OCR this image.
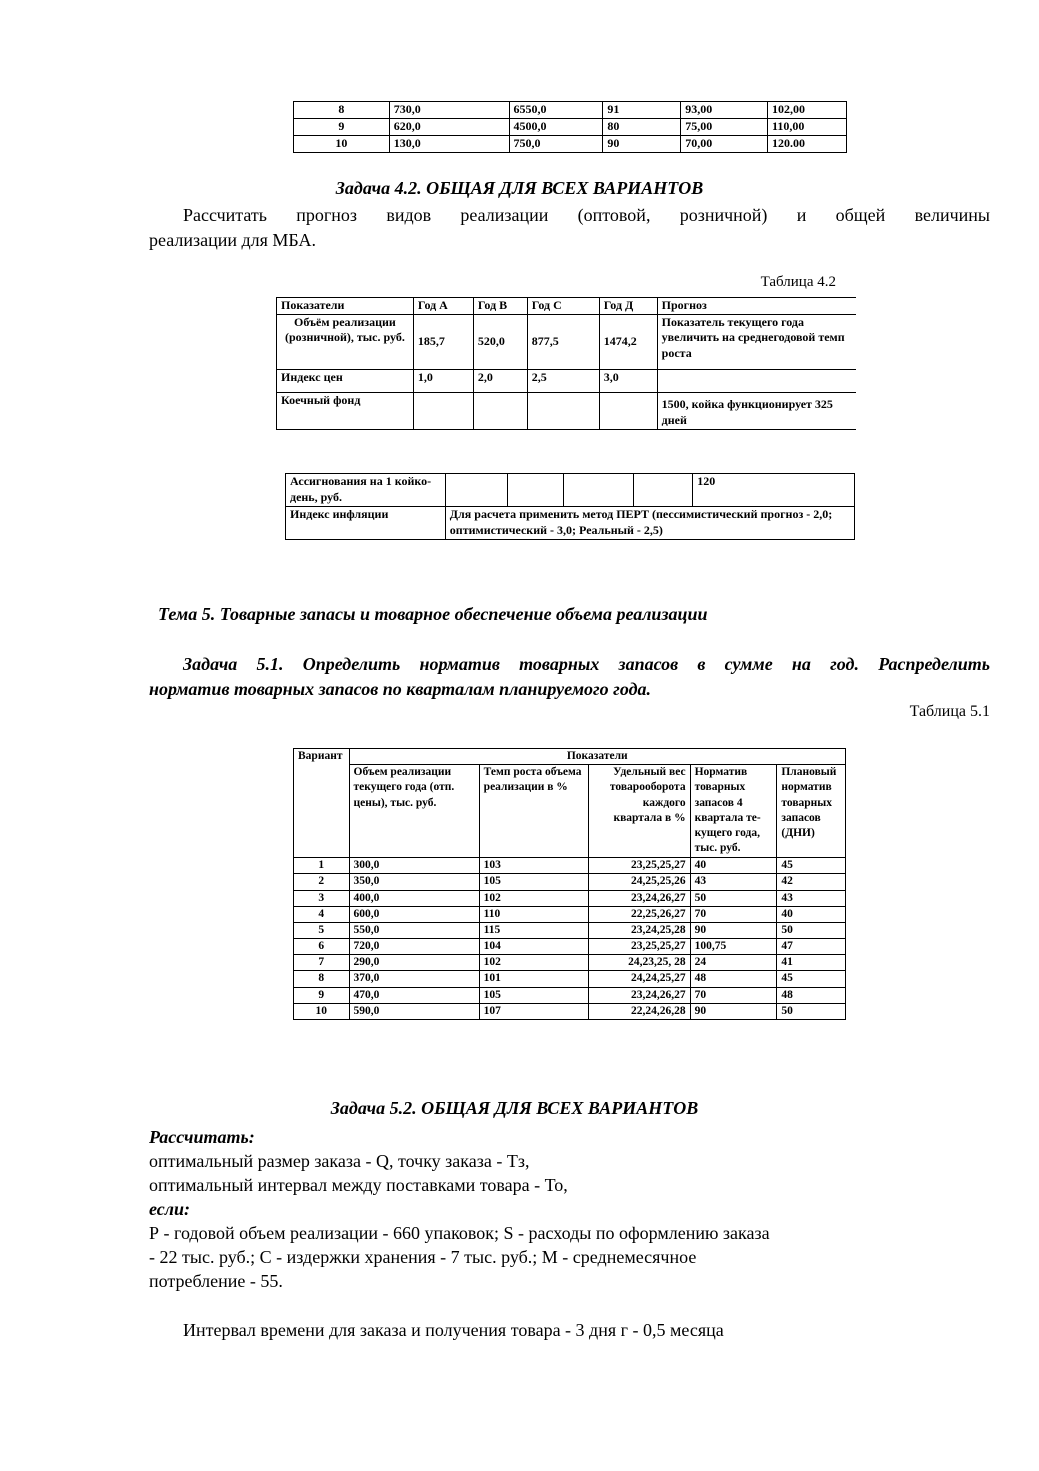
8	730,0	6550,0	91	93,00	102,00
9	620,0	4500,0	80	75,00	110,00
10	130,0	750,0	90	70,00	120.00
Задача 4.2. ОБЩАЯ ДЛЯ ВСЕХ ВАРИАНТОВ
Рассчитать прогноз видов реализации (оптовой, розничной) и общей величины
реализации для МБА.
Таблица 4.2
Показатели	Год А	Год В	Год С	Год Д	Прогноз
Объём реализации (розничной), тыс. руб.	185,7	520,0	877,5	1474,2	Показатель текущего года увеличить на среднегодовой темп роста
Индекс цен	1,0	2,0	2,5	3,0	
Коечный фонд					1500, койка функционирует 325 дней
Ассигнования на 1 койко-день, руб.					120
Индекс инфляции	Для расчета применить метод ПЕРТ (пессимистический прогноз - 2,0; оптимистический - 3,0; Реальный - 2,5)				
Тема 5. Товарные запасы и товарное обеспечение объема реализации
Задача 5.1. Определить норматив товарных запасов в сумме на год. Распределить
норматив товарных запасов по кварталам планируемого года.
Таблица 5.1
Вариант	Показатели				
	Объем реализации текущего года (отп. цены), тыс. руб.	Темп роста объема реализации в %	Удельный вес товарооборота каждого квартала в %	Норматив товарных запасов 4 квартала те-кущего года, тыс. руб.	Плановый норматив товарных запасов (ДНИ)
1	300,0	103	23,25,25,27	40	45
2	350,0	105	24,25,25,26	43	42
3	400,0	102	23,24,26,27	50	43
4	600,0	110	22,25,26,27	70	40
5	550,0	115	23,24,25,28	90	50
6	720,0	104	23,25,25,27	100,75	47
7	290,0	102	24,23,25, 28	24	41
8	370,0	101	24,24,25,27	48	45
9	470,0	105	23,24,26,27	70	48
10	590,0	107	22,24,26,28	90	50
Задача 5.2. ОБЩАЯ ДЛЯ ВСЕХ ВАРИАНТОВ
Рассчитать:
оптимальный размер заказа - Q, точку заказа - Тз,
оптимальный интервал между поставками товара - То,
если:
Р - годовой объем реализации - 660 упаковок; S - расходы по оформлению заказа
- 22 тыс. руб.; С - издержки хранения - 7 тыс. руб.; М - среднемесячное
потребление - 55.
Интервал времени для заказа и получения товара - 3 дня г - 0,5 месяца
